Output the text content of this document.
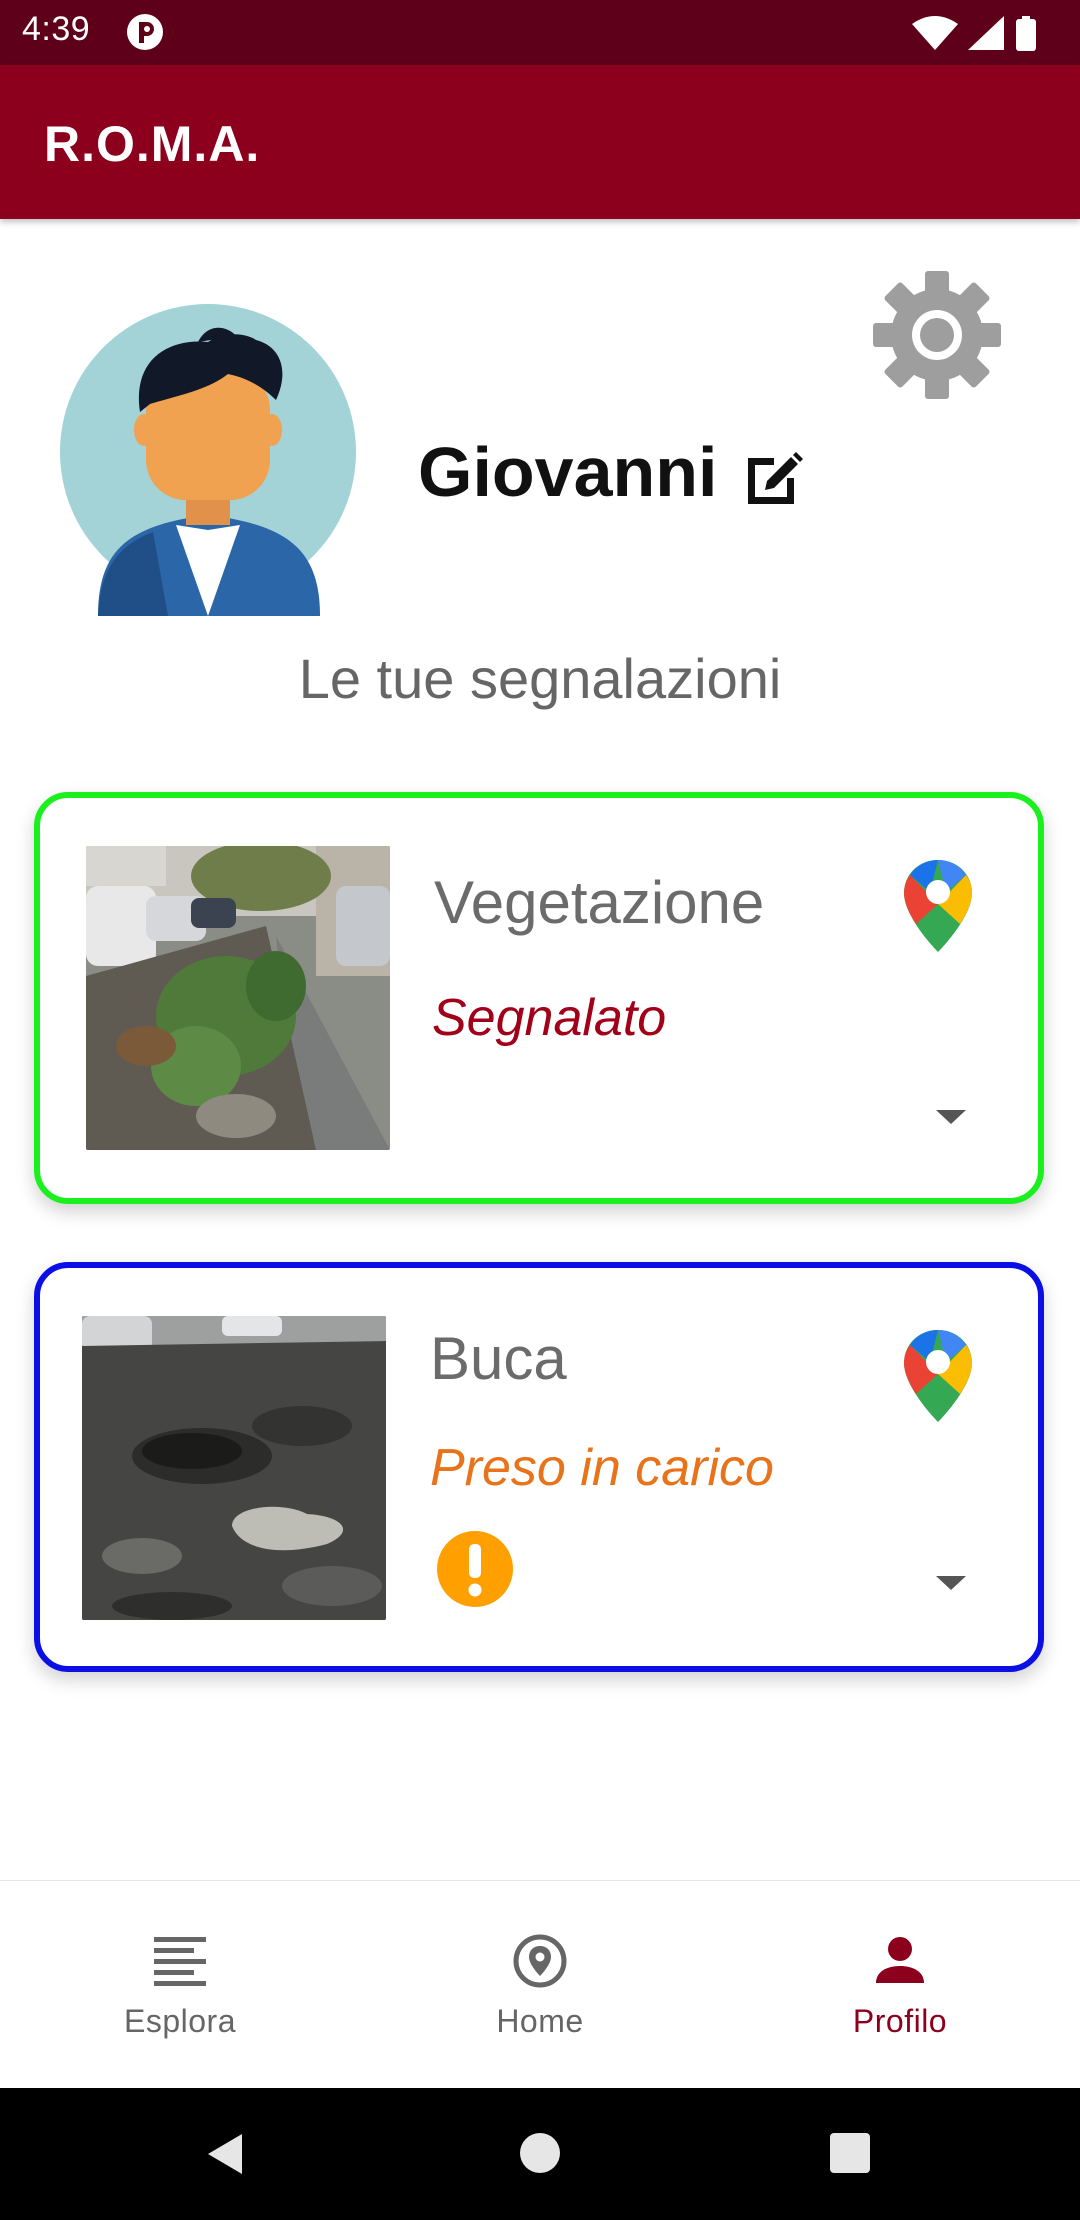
4:39
R.O.M.A.
Giovanni
Le tue segnalazioni
Vegetazione
Segnalato
Buca
Preso in carico
Esplora	Home	Profilo
